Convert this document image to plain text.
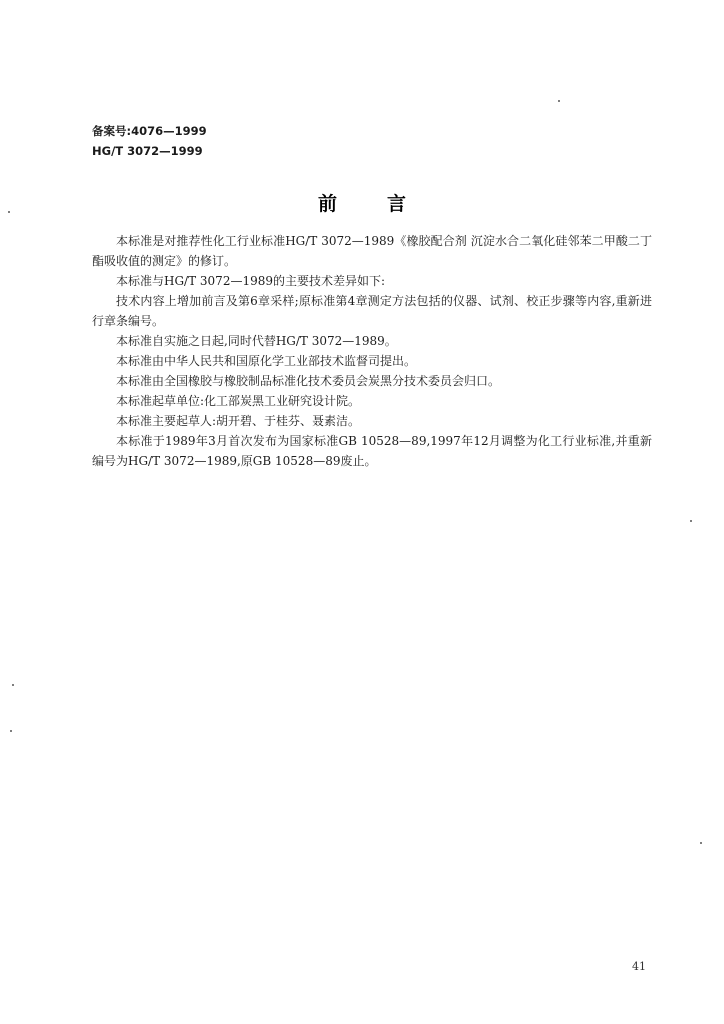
备案号:4076—1999
HG/T 3072—1999
前言

本标准是对推荐性化工行业标准HG/T 3072—1989《橡胶配合剂 沉淀水合二氧化硅邻苯二甲酸二丁酯吸收值的测定》的修订。

本标准与HG/T 3072—1989的主要技术差异如下:

技术内容上增加前言及第6章采样;原标准第4章测定方法包括的仪器、试剂、校正步骤等内容,重新进行章条编号。

本标准自实施之日起,同时代替HG/T 3072—1989。

本标准由中华人民共和国原化学工业部技术监督司提出。

本标准由全国橡胶与橡胶制品标准化技术委员会炭黑分技术委员会归口。

本标准起草单位:化工部炭黑工业研究设计院。

本标准主要起草人:胡开碧、于桂芬、聂素洁。

本标准于1989年3月首次发布为国家标准GB 10528—89,1997年12月调整为化工行业标准,并重新编号为HG/T 3072—1989,原GB 10528—89废止。

41
